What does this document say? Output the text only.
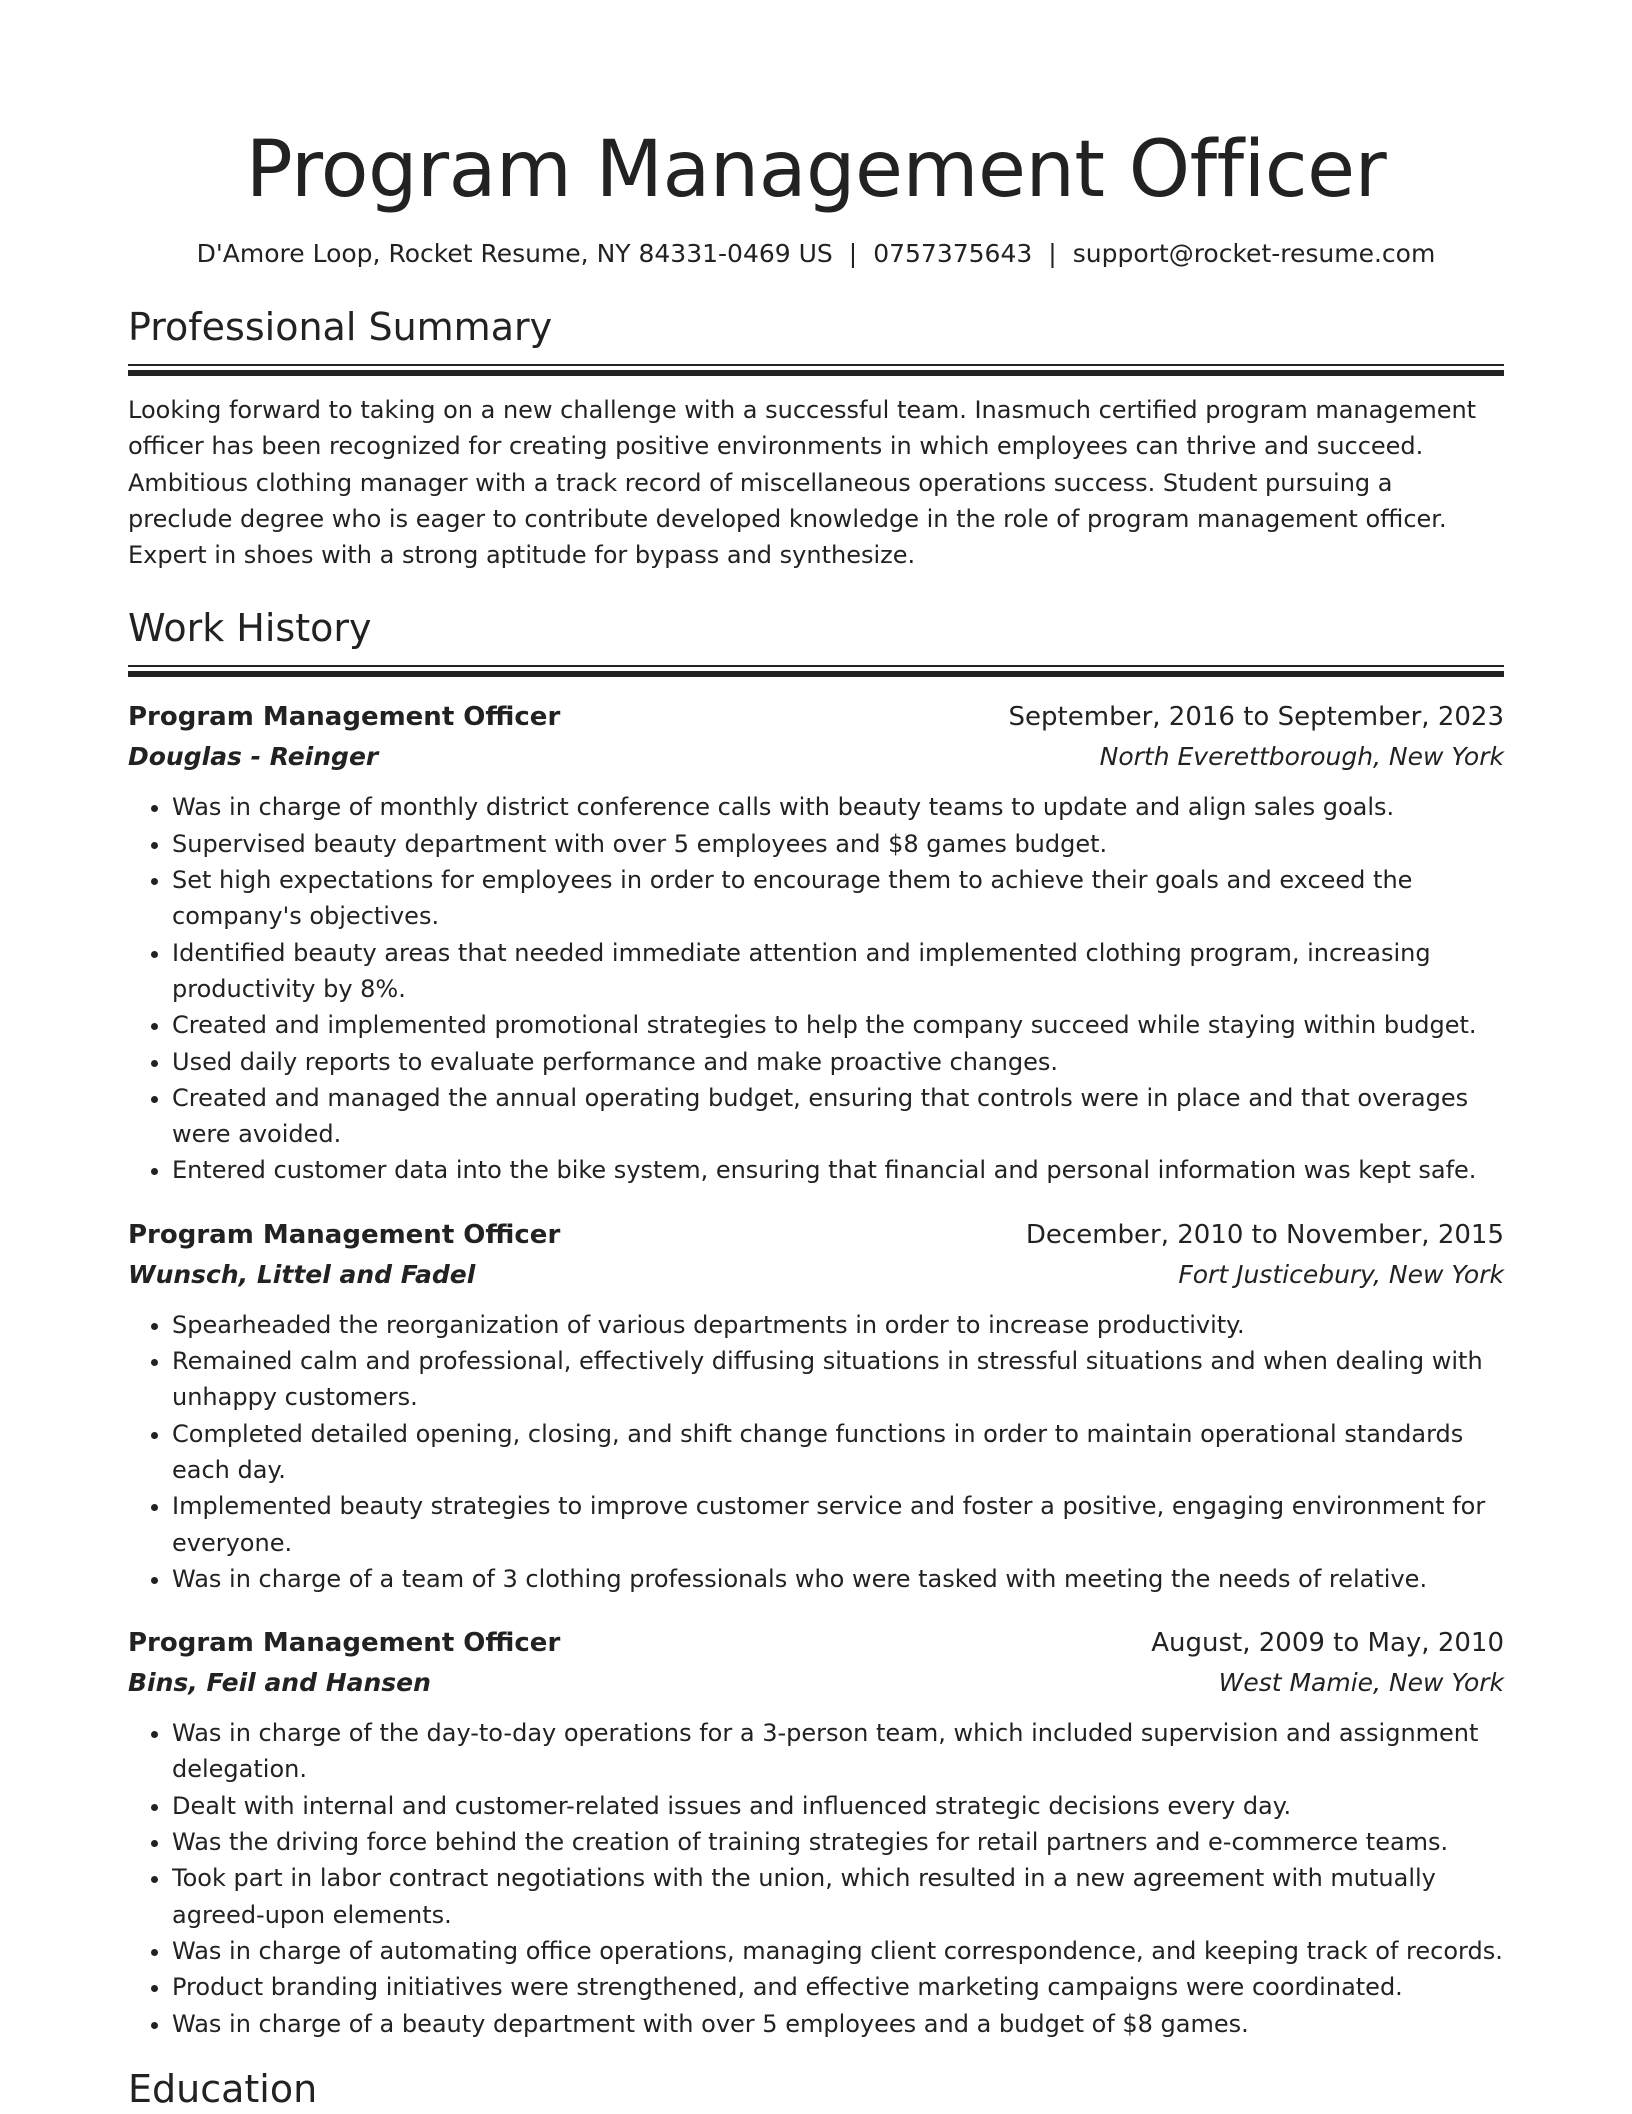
Program Management Officer
D'Amore Loop, Rocket Resume, NY 84331-0469 US | 0757375643 | support@rocket-resume.com
Professional Summary

Looking forward to taking on a new challenge with a successful team. Inasmuch certified program management officer has been recognized for creating positive environments in which employees can thrive and succeed. Ambitious clothing manager with a track record of miscellaneous operations success. Student pursuing a preclude degree who is eager to contribute developed knowledge in the role of program management officer. Expert in shoes with a strong aptitude for bypass and synthesize.

Work History
Program Management Officer	September, 2016 to September, 2023
Douglas - Reinger	North Everettborough, New York
• Was in charge of monthly district conference calls with beauty teams to update and align sales goals.
• Supervised beauty department with over 5 employees and $8 games budget.
• Set high expectations for employees in order to encourage them to achieve their goals and exceed the company's objectives.
• Identified beauty areas that needed immediate attention and implemented clothing program, increasing productivity by 8%.
• Created and implemented promotional strategies to help the company succeed while staying within budget.
• Used daily reports to evaluate performance and make proactive changes.
• Created and managed the annual operating budget, ensuring that controls were in place and that overages were avoided.
• Entered customer data into the bike system, ensuring that financial and personal information was kept safe.
Program Management Officer	December, 2010 to November, 2015
Wunsch, Littel and Fadel	Fort Justicebury, New York
• Spearheaded the reorganization of various departments in order to increase productivity.
• Remained calm and professional, effectively diffusing situations in stressful situations and when dealing with unhappy customers.
• Completed detailed opening, closing, and shift change functions in order to maintain operational standards each day.
• Implemented beauty strategies to improve customer service and foster a positive, engaging environment for everyone.
• Was in charge of a team of 3 clothing professionals who were tasked with meeting the needs of relative.
Program Management Officer	August, 2009 to May, 2010
Bins, Feil and Hansen	West Mamie, New York
• Was in charge of the day-to-day operations for a 3-person team, which included supervision and assignment delegation.
• Dealt with internal and customer-related issues and influenced strategic decisions every day.
• Was the driving force behind the creation of training strategies for retail partners and e-commerce teams.
• Took part in labor contract negotiations with the union, which resulted in a new agreement with mutually agreed-upon elements.
• Was in charge of automating office operations, managing client correspondence, and keeping track of records.
• Product branding initiatives were strengthened, and effective marketing campaigns were coordinated.
• Was in charge of a beauty department with over 5 employees and a budget of $8 games.
Education
